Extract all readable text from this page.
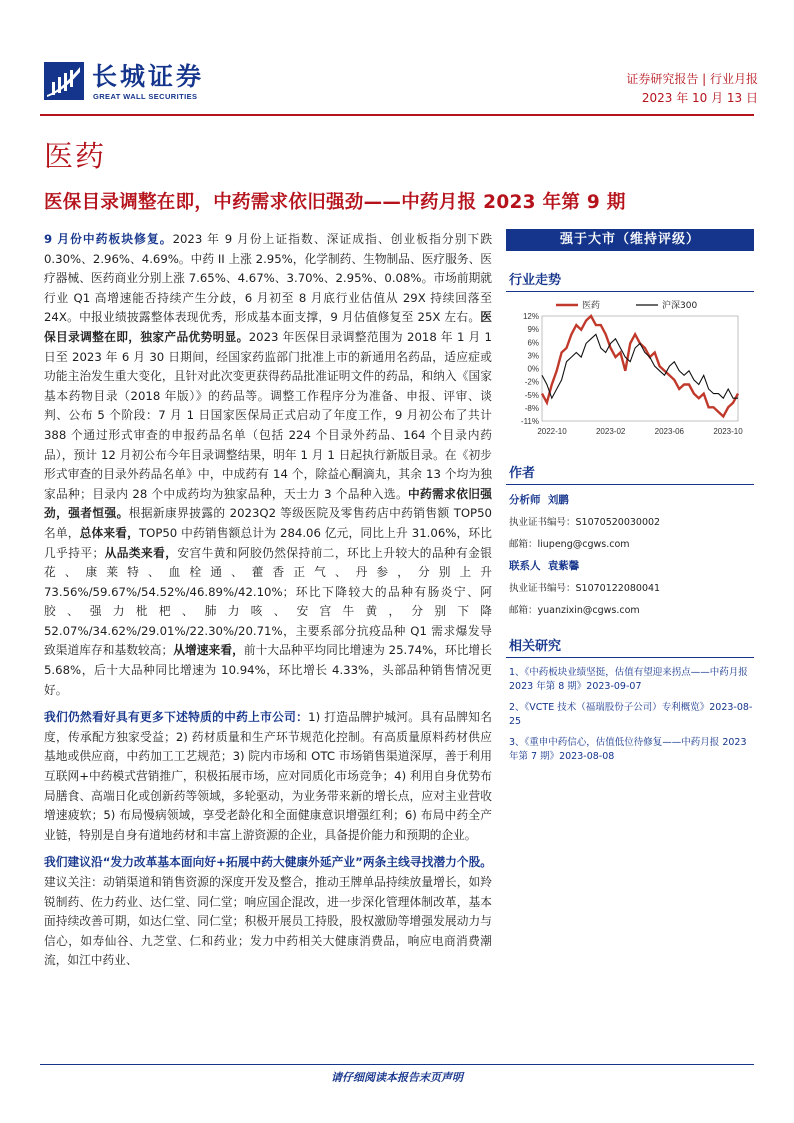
长城证券
GREAT WALL SECURITIES
证券研究报告 | 行业月报
2023 年 10 月 13 日
医药
医保目录调整在即，中药需求依旧强劲——中药月报 2023 年第 9 期

9 月份中药板块修复。2023 年 9 月份上证指数、深证成指、创业板指分别下跌 0.30%、2.96%、4.69%。中药 II 上涨 2.95%，化学制药、生物制品、医疗服务、医疗器械、医药商业分别上涨 7.65%、4.67%、3.70%、2.95%、0.08%。市场前期就行业 Q1 高增速能否持续产生分歧，6 月初至 8 月底行业估值从 29X 持续回落至 24X。中报业绩披露整体表现优秀，形成基本面支撑，9 月估值修复至 25X 左右。医保目录调整在即，独家产品优势明显。2023 年医保目录调整范围为 2018 年 1 月 1 日至 2023 年 6 月 30 日期间，经国家药监部门批准上市的新通用名药品，适应症或功能主治发生重大变化，且针对此次变更获得药品批准证明文件的药品，和纳入《国家基本药物目录（2018 年版）》的药品等。调整工作程序分为准备、申报、评审、谈判、公布 5 个阶段：7 月 1 日国家医保局正式启动了年度工作，9 月初公布了共计 388 个通过形式审查的申报药品名单（包括 224 个目录外药品、164 个目录内药品），预计 12 月初公布今年目录调整结果，明年 1 月 1 日起执行新版目录。在《初步形式审查的目录外药品名单》中，中成药有 14 个，除益心酮滴丸，其余 13 个均为独家品种；目录内 28 个中成药均为独家品种，天士力 3 个品种入选。中药需求依旧强劲，强者恒强。根据新康界披露的 2023Q2 等级医院及零售药店中药销售额 TOP50 名单，总体来看，TOP50 中药销售额总计为 284.06 亿元，同比上升 31.06%，环比几乎持平；从品类来看，安宫牛黄和阿胶仍然保持前二，环比上升较大的品种有金银花、康莱特、血栓通、藿香正气、丹参，分别上升 73.56%/59.67%/54.52%/46.89%/42.10%；环比下降较大的品种有肠炎宁、阿胶、强力枇杷、肺力咳、安宫牛黄，分别下降 52.07%/34.62%/29.01%/22.30%/20.71%，主要系部分抗疫品种 Q1 需求爆发导致渠道库存和基数较高；从增速来看，前十大品种平均同比增速为 25.74%，环比增长 5.68%，后十大品种同比增速为 10.94%，环比增长 4.33%，头部品种销售情况更好。

我们仍然看好具有更多下述特质的中药上市公司：1) 打造品牌护城河。具有品牌知名度，传承配方独家受益；2) 药材质量和生产环节规范化控制。有高质量原料药材供应基地或供应商，中药加工工艺规范；3) 院内市场和 OTC 市场销售渠道深厚，善于利用互联网+中药模式营销推广，积极拓展市场，应对同质化市场竞争；4) 利用自身优势布局膳食、高端日化或创新药等领域，多轮驱动，为业务带来新的增长点，应对主业营收增速疲软；5) 布局慢病领域，享受老龄化和全面健康意识增强红利；6) 布局中药全产业链，特别是自身有道地药材和丰富上游资源的企业，具备提价能力和预期的企业。

我们建议沿“发力改革基本面向好+拓展中药大健康外延产业”两条主线寻找潜力个股。建议关注：动销渠道和销售资源的深度开发及整合，推动王牌单品持续放量增长，如羚锐制药、佐力药业、达仁堂、同仁堂；响应国企混改，进一步深化管理体制改革，基本面持续改善可期，如达仁堂、同仁堂；积极开展员工持股，股权激励等增强发展动力与信心，如寿仙谷、九芝堂、仁和药业；发力中药相关大健康消费品，响应电商消费潮流，如江中药业、

强于大市（维持评级）
行业走势
12%
9%
6%
3%
0%
-2%
-5%
-8%
-11%
2022-10	2023-02	2023-06	2023-10
医药	沪深300
作者
分析师 刘鹏
执业证书编号：S1070520030002
邮箱：liupeng@cgws.com
联系人 袁紫馨
执业证书编号：S1070122080041
邮箱：yuanzixin@cgws.com
相关研究
1、《中药板块业绩坚挺，估值有望迎来拐点——中药月报 2023 年第 8 期》2023-09-07
2、《VCTE 技术（福瑞股份子公司）专利概览》2023-08-25
3、《重申中药信心，估值低位待修复——中药月报 2023 年第 7 期》2023-08-08
请仔细阅读本报告末页声明
